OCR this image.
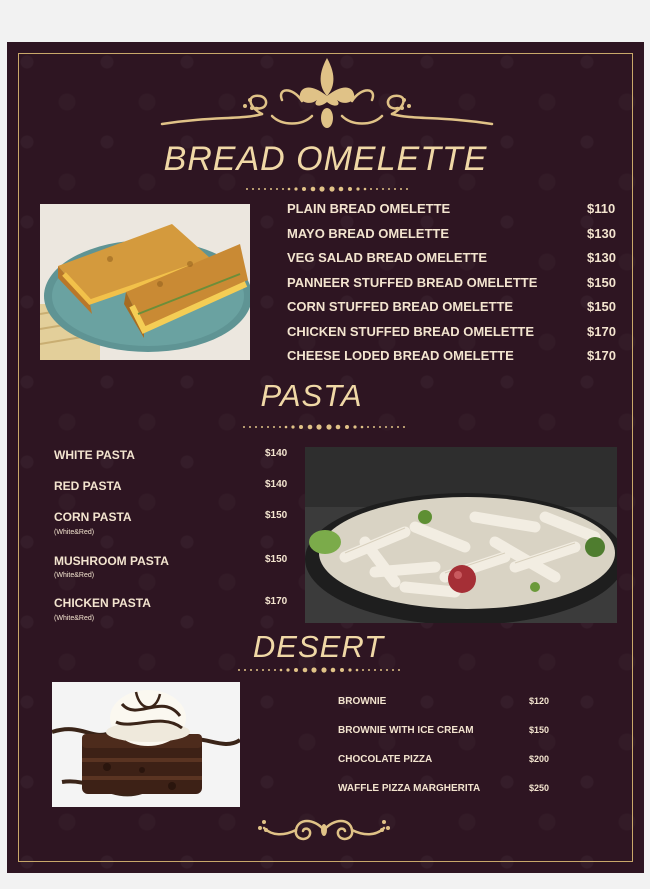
BREAD OMELETTE
PLAIN BREAD OMELETTE	$110
MAYO BREAD OMELETTE	$130
VEG SALAD BREAD OMELETTE	$130
PANNEER STUFFED BREAD OMELETTE	$150
CORN STUFFED BREAD OMELETTE	$150
CHICKEN STUFFED BREAD OMELETTE	$170
CHEESE LODED BREAD OMELETTE	$170
PASTA
WHITE PASTA	$140
RED PASTA	$140
CORN PASTA	$150
(White&Red)
MUSHROOM PASTA	$150
(White&Red)
CHICKEN PASTA	$170
(White&Red)
DESERT
BROWNIE	$120
BROWNIE WITH ICE CREAM	$150
CHOCOLATE PIZZA	$200
WAFFLE PIZZA MARGHERITA	$250
